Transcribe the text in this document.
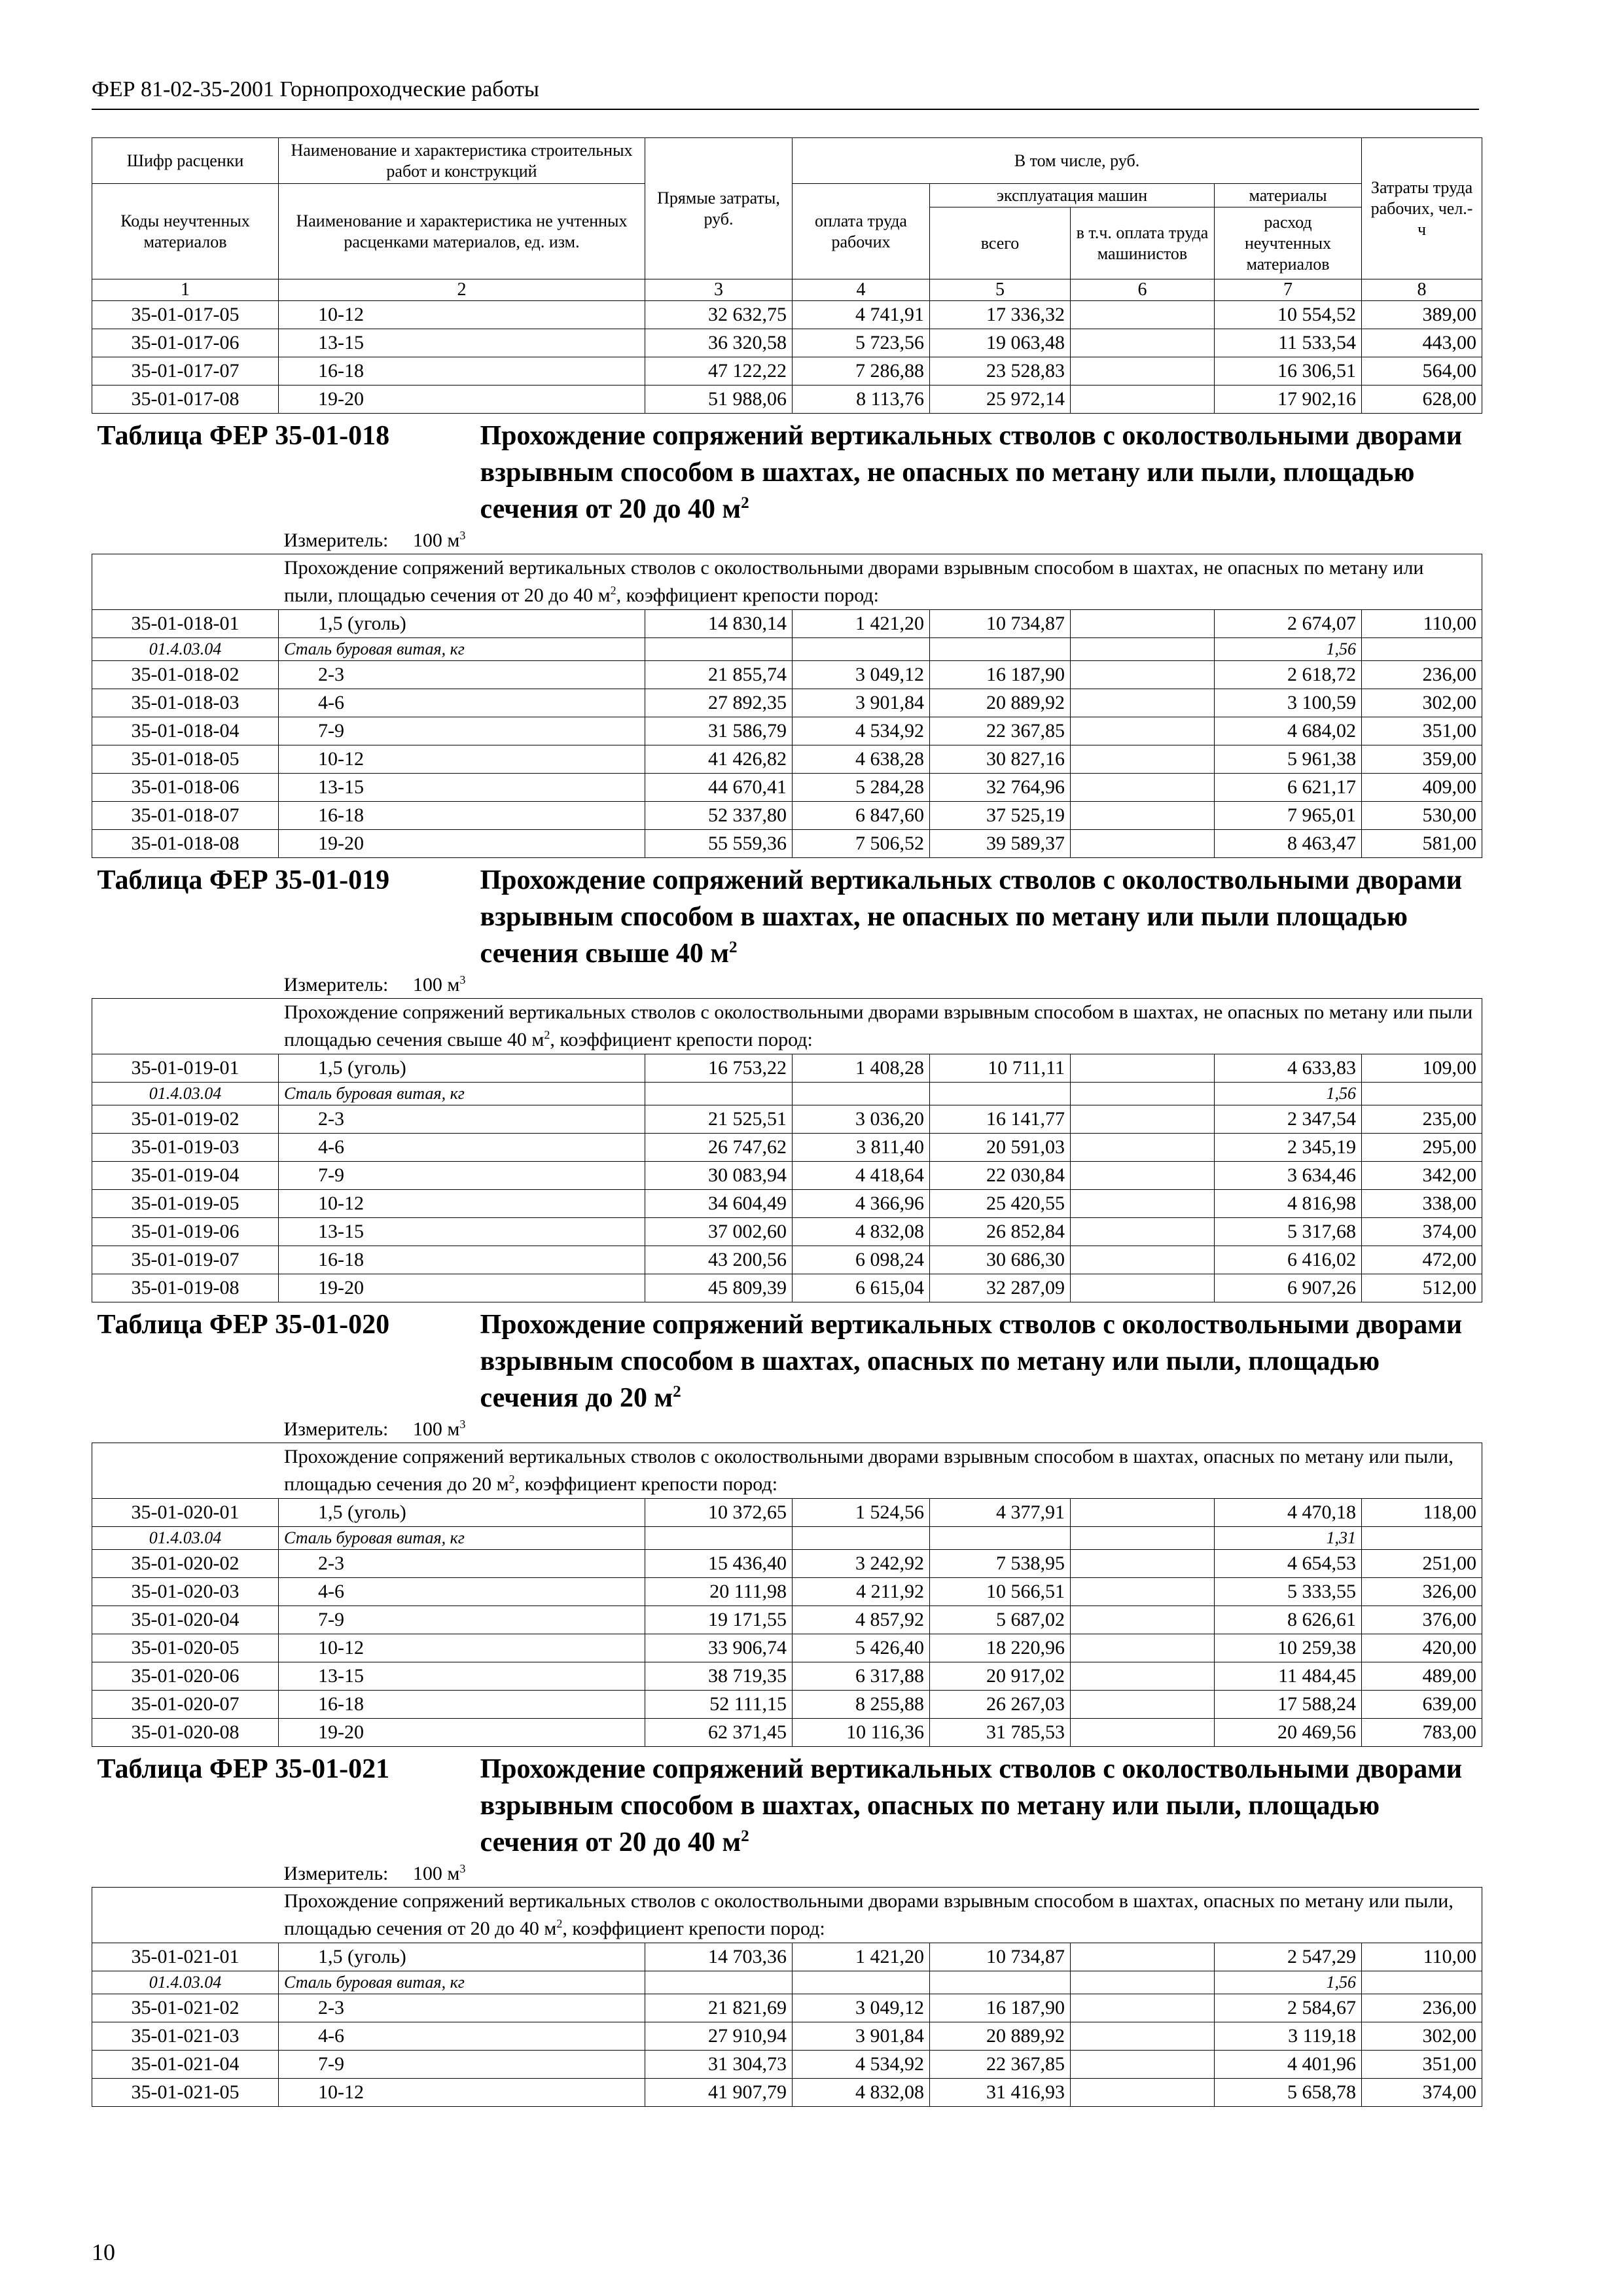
ФЕР 81-02-35-2001 Горнопроходческие работы
Шифр расценки	Наименование и характеристика строительных работ и конструкций	Прямые затраты, руб.	В том числе, руб.				Затраты труда рабочих, чел.-ч
Коды неучтенных материалов	Наименование и характеристика не учтенных расценками материалов, ед. изм.		оплата труда рабочих	эксплуатация машин		материалы	
				всего	в т.ч. оплата труда машинистов	расход неучтенных материалов	
1	2	3	4	5	6	7	8
35-01-017-05	10-12	32 632,75	4 741,91	17 336,32		10 554,52	389,00
35-01-017-06	13-15	36 320,58	5 723,56	19 063,48		11 533,54	443,00
35-01-017-07	16-18	47 122,22	7 286,88	23 528,83		16 306,51	564,00
35-01-017-08	19-20	51 988,06	8 113,76	25 972,14		17 902,16	628,00

Таблица ФЕР 35-01-018 Прохождение сопряжений вертикальных стволов с околоствольными дворами взрывным способом в шахтах, не опасных по метану или пыли, площадью сечения от 20 до 40 $м^2$
Измеритель: 100 $м^3$

Прохождение сопряжений вертикальных стволов с околоствольными дворами взрывным способом в шахтах, не опасных по метану или пыли, площадью сечения от 20 до 40 $м^2$, коэффициент крепости пород:							

35-01-018-01	1,5 (уголь)	14 830,14	1 421,20	10 734,87		2 674,07	110,00
01.4.03.04	Сталь буровая витая, кг					1,56	
35-01-018-02	2-3	21 855,74	3 049,12	16 187,90		2 618,72	236,00
35-01-018-03	4-6	27 892,35	3 901,84	20 889,92		3 100,59	302,00
35-01-018-04	7-9	31 586,79	4 534,92	22 367,85		4 684,02	351,00
35-01-018-05	10-12	41 426,82	4 638,28	30 827,16		5 961,38	359,00
35-01-018-06	13-15	44 670,41	5 284,28	32 764,96		6 621,17	409,00
35-01-018-07	16-18	52 337,80	6 847,60	37 525,19		7 965,01	530,00
35-01-018-08	19-20	55 559,36	7 506,52	39 589,37		8 463,47	581,00

Таблица ФЕР 35-01-019 Прохождение сопряжений вертикальных стволов с околоствольными дворами взрывным способом в шахтах, не опасных по метану или пыли площадью сечения свыше 40 $м^2$
Измеритель: 100 $м^3$

Прохождение сопряжений вертикальных стволов с околоствольными дворами взрывным способом в шахтах, не опасных по метану или пыли площадью сечения свыше 40 $м^2$, коэффициент крепости пород:							

35-01-019-01	1,5 (уголь)	16 753,22	1 408,28	10 711,11		4 633,83	109,00
01.4.03.04	Сталь буровая витая, кг					1,56	
35-01-019-02	2-3	21 525,51	3 036,20	16 141,77		2 347,54	235,00
35-01-019-03	4-6	26 747,62	3 811,40	20 591,03		2 345,19	295,00
35-01-019-04	7-9	30 083,94	4 418,64	22 030,84		3 634,46	342,00
35-01-019-05	10-12	34 604,49	4 366,96	25 420,55		4 816,98	338,00
35-01-019-06	13-15	37 002,60	4 832,08	26 852,84		5 317,68	374,00
35-01-019-07	16-18	43 200,56	6 098,24	30 686,30		6 416,02	472,00
35-01-019-08	19-20	45 809,39	6 615,04	32 287,09		6 907,26	512,00

Таблица ФЕР 35-01-020 Прохождение сопряжений вертикальных стволов с околоствольными дворами взрывным способом в шахтах, опасных по метану или пыли, площадью сечения до 20 $м^2$
Измеритель: 100 $м^3$

Прохождение сопряжений вертикальных стволов с околоствольными дворами взрывным способом в шахтах, опасных по метану или пыли, площадью сечения до 20 $м^2$, коэффициент крепости пород:							

35-01-020-01	1,5 (уголь)	10 372,65	1 524,56	4 377,91		4 470,18	118,00
01.4.03.04	Сталь буровая витая, кг					1,31	
35-01-020-02	2-3	15 436,40	3 242,92	7 538,95		4 654,53	251,00
35-01-020-03	4-6	20 111,98	4 211,92	10 566,51		5 333,55	326,00
35-01-020-04	7-9	19 171,55	4 857,92	5 687,02		8 626,61	376,00
35-01-020-05	10-12	33 906,74	5 426,40	18 220,96		10 259,38	420,00
35-01-020-06	13-15	38 719,35	6 317,88	20 917,02		11 484,45	489,00
35-01-020-07	16-18	52 111,15	8 255,88	26 267,03		17 588,24	639,00
35-01-020-08	19-20	62 371,45	10 116,36	31 785,53		20 469,56	783,00

Таблица ФЕР 35-01-021 Прохождение сопряжений вертикальных стволов с околоствольными дворами взрывным способом в шахтах, опасных по метану или пыли, площадью сечения от 20 до 40 $м^2$
Измеритель: 100 $м^3$

Прохождение сопряжений вертикальных стволов с околоствольными дворами взрывным способом в шахтах, опасных по метану или пыли, площадью сечения от 20 до 40 $м^2$, коэффициент крепости пород:							

35-01-021-01	1,5 (уголь)	14 703,36	1 421,20	10 734,87		2 547,29	110,00
01.4.03.04	Сталь буровая витая, кг					1,56	
35-01-021-02	2-3	21 821,69	3 049,12	16 187,90		2 584,67	236,00
35-01-021-03	4-6	27 910,94	3 901,84	20 889,92		3 119,18	302,00
35-01-021-04	7-9	31 304,73	4 534,92	22 367,85		4 401,96	351,00
35-01-021-05	10-12	41 907,79	4 832,08	31 416,93		5 658,78	374,00
10
